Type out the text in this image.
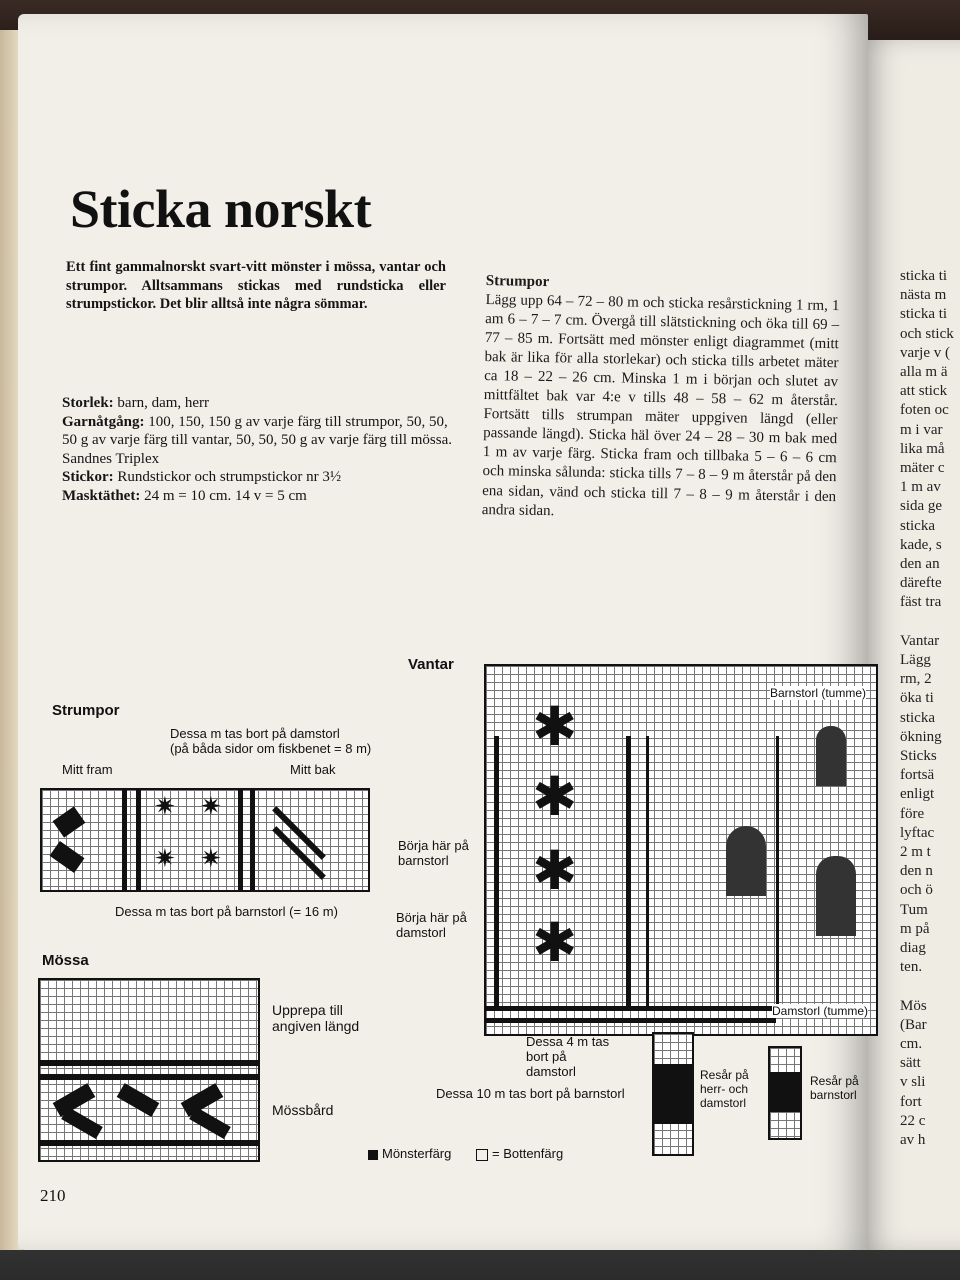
sticka ti
nästa m
sticka ti
och stick
varje v (
alla m ä
att stick
foten oc
m i var
lika må
mäter c
1 m av
sida ge
sticka
kade, s
den an
därefte
fäst tra
Vantar
Lägg
rm, 2
öka ti
sticka
ökning
Sticks
fortsä
enligt
före
lyftac
2 m t
den n
och ö
Tum
m på
diag
ten.
Mös
(Bar
cm.
sätt
v sli
fort
22 c
av h
Sticka norskt
Ett fint gammalnorskt svart-vitt mönster i mössa, vantar och strumpor. Alltsammans stickas med rundsticka eller strumpstickor. Det blir alltså inte några sömmar.
Storlek: barn, dam, herr
Garnåtgång: 100, 150, 150 g av varje färg till strumpor, 50, 50, 50 g av varje färg till vantar, 50, 50, 50 g av varje färg till mössa. Sandnes Triplex
Stickor: Rundstickor och strumpstickor nr 3½
Masktäthet: 24 m = 10 cm. 14 v = 5 cm
Strumpor
Lägg upp 64 – 72 – 80 m och sticka resårstickning 1 rm, 1 am 6 – 7 – 7 cm. Övergå till slätstickning och öka till 69 – 77 – 85 m. Fortsätt med mönster enligt diagrammet (mitt bak är lika för alla storlekar) och sticka tills arbetet mäter ca 18 – 22 – 26 cm. Minska 1 m i början och slutet av mittfältet bak var 4:e v tills 48 – 58 – 62 m återstår. Fortsätt tills strumpan mäter uppgiven längd (eller passande längd). Sticka häl över 24 – 28 – 30 m bak med 1 m av varje färg. Sticka fram och tillbaka 5 – 6 – 6 cm och minska sålunda: sticka tills 7 – 8 – 9 m återstår på den ena sidan, vänd och sticka till 7 – 8 – 9 m återstår i den andra sidan.
Strumpor
Dessa m tas bort på damstorl
(på båda sidor om fiskbenet = 8 m)
Mitt fram	Mitt bak
✷
✷
✷
✷
Dessa m tas bort på barnstorl (= 16 m)
Mössa
Upprepa till angiven längd
Mössbård
Vantar
✱
✱
✱
✱
Barnstorl (tumme)
Damstorl (tumme)
Börja här på barnstorl
Börja här på damstorl
Dessa 4 m tas bort på damstorl
Dessa 10 m tas bort på barnstorl
Resår på herr- och damstorl
Resår på barnstorl
Mönsterfärg	= Bottenfärg
210
